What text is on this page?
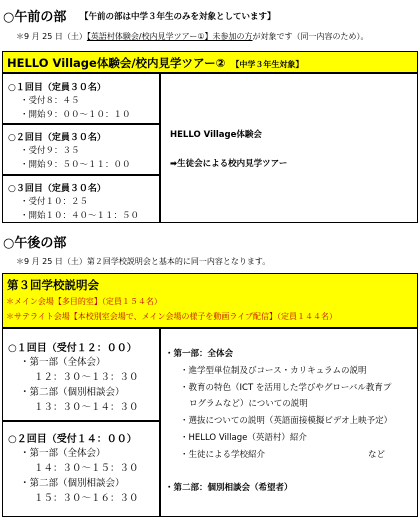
○午前の部 【午前の部は中学３年生のみを対象としています】
＊9 月 25 日（土）【英語村体験会/校内見学ツアー①】未参加の方が対象です（同一内容のため）。
HELLO Village体験会/校内見学ツアー② 【中学３年生対象】
○１回目（定員３０名）
・受付８：４５
・開始９：００～１０：１０
○２回目（定員３０名）
・受付９：３５
・開始９：５０～１１：００
○３回目（定員３０名）
・受付１０：２５
・開始１０：４０～１１：５０
HELLO Village体験会
➡生徒会による校内見学ツアー
○午後の部
＊9 月 25 日（土）第２回学校説明会と基本的に同一内容となります。
第３回学校説明会
＊メイン会場【多目的室】（定員１５４名）
＊サテライト会場【本校別室会場で、メイン会場の様子を動画ライブ配信】（定員１４４名）
○１回目（受付１２：００）
・第一部（全体会）
１２：３０～１３：３０
・第二部（個別相談会）
１３：３０～１４：３０
○２回目（受付１４：００）
・第一部（全体会）
１４：３０～１５：３０
・第二部（個別相談会）
１５：３０～１６：３０
・第一部：全体会
・進学型単位制及びコース・カリキュラムの説明
・教育の特色（ICT を活用した学びやグローバル教育プ
ログラムなど）についての説明
・選抜についての説明（英語面接模擬ビデオ上映予定）
・HELLO Village（英語村）紹介
・生徒による学校紹介	など
・第二部：個別相談会（希望者）
